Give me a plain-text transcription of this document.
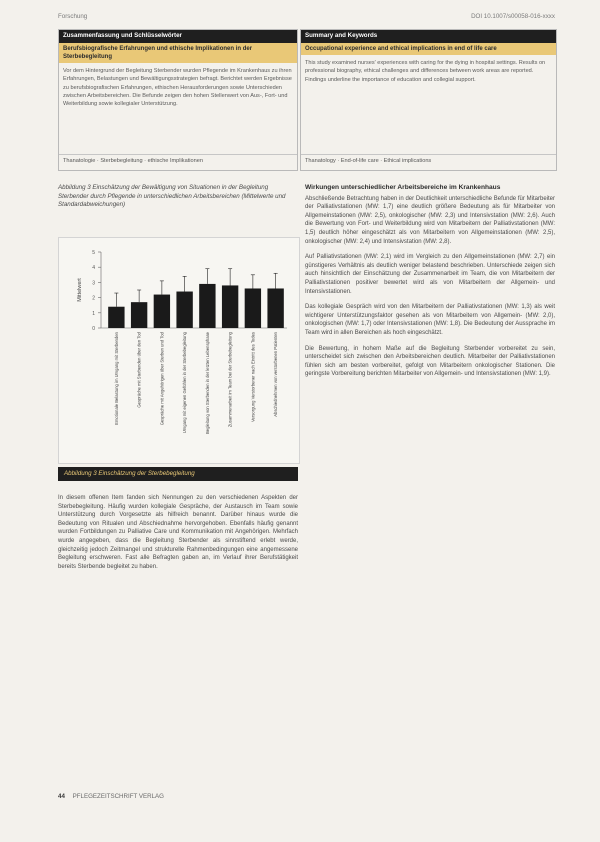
Forschung	DOI 10.1007/s00058-016-xxxx
Zusammenfassung und Schlüsselwörter
Berufsbiografische Erfahrungen und ethische Implikationen in der Sterbebegleitung
Vor dem Hintergrund der Begleitung Sterbender wurden Pflegende im Krankenhaus zu ihren Erfahrungen, Belastungen und Bewältigungsstrategien befragt. Berichtet werden Ergebnisse zu berufsbiografischen Erfahrungen, ethischen Herausforderungen sowie Unterschieden zwischen Arbeitsbereichen. Die Befunde zeigen den hohen Stellenwert von Aus-, Fort- und Weiterbildung sowie kollegialer Unterstützung.
Thanatologie · Sterbebegleitung · ethische Implikationen
Summary and Keywords
Occupational experience and ethical implications in end of life care
This study examined nurses' experiences with caring for the dying in hospital settings. Results on professional biography, ethical challenges and differences between work areas are reported. Findings underline the importance of education and collegial support.
Thanatology · End-of-life care · Ethical implications
Abbildung 3 Einschätzung der Bewältigung von Situationen in der Begleitung Sterbender durch Pflegende in unterschiedlichen Arbeitsbereichen (Mittelwerte und Standardabweichungen)
0
1
2
3
4
5
Mittelwert
Emotionale Belastung im Umgang mit Sterbenden	Gespräche mit Sterbenden über den Tod	Gespräche mit Angehörigen über Sterben und Tod	Umgang mit eigenen Gefühlen in der Sterbebegleitung	Begleitung von Sterbenden in der letzten Lebensphase	Zusammenarbeit im Team bei der Sterbebegleitung	Versorgung Verstorbener nach Eintritt des Todes	Abschiednehmen von verstorbenen Patienten
Abbildung 3 Einschätzung der Sterbebegleitung
In diesem offenen Item fanden sich Nennungen zu den verschiedenen Aspekten der Sterbebegleitung. Häufig wurden kollegiale Gespräche, der Austausch im Team sowie Unterstützung durch Vorgesetzte als hilfreich benannt. Darüber hinaus wurde die Bedeutung von Ritualen und Abschiednahme hervorgehoben. Ebenfalls häufig genannt wurden Fortbildungen zu Palliative Care und Kommunikation mit Angehörigen. Mehrfach wurde angegeben, dass die Begleitung Sterbender als sinnstiftend erlebt werde, gleichzeitig jedoch Zeitmangel und strukturelle Rahmenbedingungen eine angemessene Begleitung erschweren. Fast alle Befragten gaben an, im Verlauf ihrer Berufstätigkeit bereits Sterbende begleitet zu haben.
Wirkungen unterschiedlicher Arbeitsbereiche im Krankenhaus

Abschließende Betrachtung haben in der Deutlichkeit unterschiedliche Befunde für Mitarbeiter der Palliativstationen (MW: 1,7) eine deutlich größere Bedeutung als für Mitarbeiter von Allgemeinstationen (MW: 2,5), onkologischer (MW: 2,3) und Intensivstation (MW: 2,6). Auch die Bewertung von Fort- und Weiterbildung wird von Mitarbeitern der Palliativstationen (MW: 1,5) deutlich höher eingeschätzt als von Mitarbeitern von Allgemeinstationen (MW: 2,5), onkologischer (MW: 2,4) und Intensivstation (MW: 2,8).

Auf Palliativstationen (MW: 2,1) wird im Vergleich zu den Allgemeinstationen (MW: 2,7) ein günstigeres Verhältnis als deutlich weniger belastend beschrieben. Unterschiede zeigen sich auch hinsichtlich der Einschätzung der Zusammenarbeit im Team, die von Mitarbeitern der Palliativstationen positiver bewertet wird als von Mitarbeitern der Allgemein- und Intensivstationen.

Das kollegiale Gespräch wird von den Mitarbeitern der Palliativstationen (MW: 1,3) als weit wichtigerer Unterstützungsfaktor gesehen als von Mitarbeitern von Allgemein- (MW: 2,0), onkologischen (MW: 1,7) oder Intensivstationen (MW: 1,8). Die Bedeutung der Aussprache im Team wird in allen Bereichen als hoch eingeschätzt.

Die Bewertung, in hohem Maße auf die Begleitung Sterbender vorbereitet zu sein, unterscheidet sich zwischen den Arbeitsbereichen deutlich. Mitarbeiter der Palliativstationen fühlen sich am besten vorbereitet, gefolgt von Mitarbeitern onkologischer Stationen. Die geringste Vorbereitung berichten Mitarbeiter von Allgemein- und Intensivstationen (MW: 1,9).

44 PFLEGEZEITSCHRIFT VERLAG
